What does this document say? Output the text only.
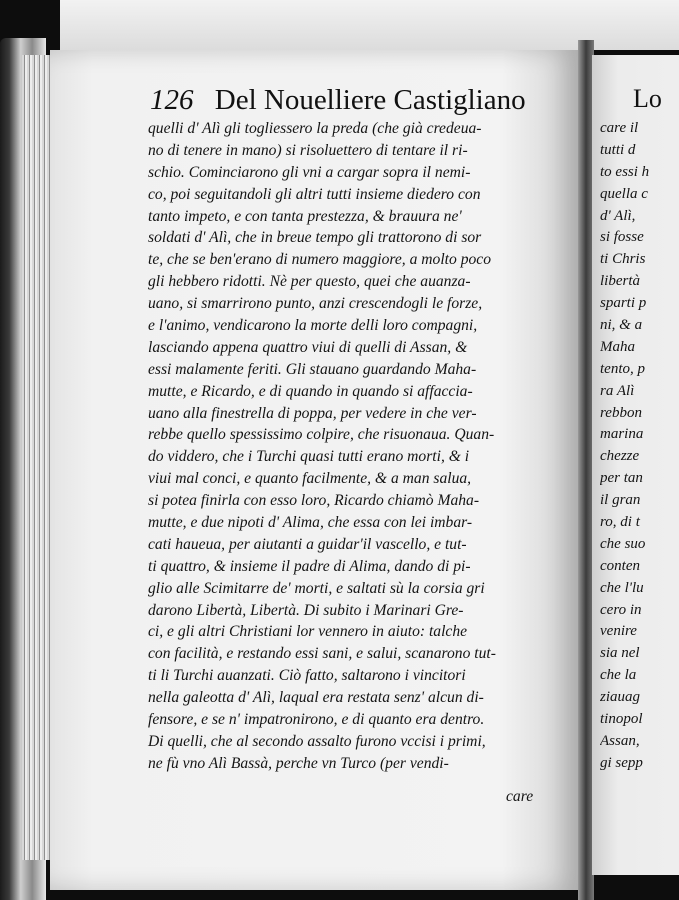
126 Del Nouelliere Castigliano
quelli d' Alì gli togliessero la preda (che già credeua-
no di tenere in mano) si risoluettero di tentare il ri-
schio. Cominciarono gli vni a cargar sopra il nemi-
co, poi seguitandoli gli altri tutti insieme diedero con
tanto impeto, e con tanta prestezza, & brauura ne'
soldati d' Alì, che in breue tempo gli trattorono di sor
te, che se ben'erano di numero maggiore, a molto poco
gli hebbero ridotti. Nè per questo, quei che auanza-
uano, si smarrirono punto, anzi crescendogli le forze,
e l'animo, vendicarono la morte delli loro compagni,
lasciando appena quattro viui di quelli di Assan, &
essi malamente feriti. Gli stauano guardando Maha-
mutte, e Ricardo, e di quando in quando si affaccia-
uano alla finestrella di poppa, per vedere in che ver-
rebbe quello spessissimo colpire, che risuonaua. Quan-
do viddero, che i Turchi quasi tutti erano morti, & i
viui mal conci, e quanto facilmente, & a man salua,
si potea finirla con esso loro, Ricardo chiamò Maha-
mutte, e due nipoti d' Alima, che essa con lei imbar-
cati haueua, per aiutanti a guidar'il vascello, e tut-
ti quattro, & insieme il padre di Alima, dando di pi-
glio alle Scimitarre de' morti, e saltati sù la corsia gri
darono Libertà, Libertà. Di subito i Marinari Gre-
ci, e gli altri Christiani lor vennero in aiuto: talche
con facilità, e restando essi sani, e salui, scanarono tut-
ti li Turchi auanzati. Ciò fatto, saltarono i vincitori
nella galeotta d' Alì, laqual era restata senz' alcun di-
fensore, e se n' impatronirono, e di quanto era dentro.
Di quelli, che al secondo assalto furono vccisi i primi,
ne fù vno Alì Bassà, perche vn Turco (per vendi-
care
Lo
care il
tutti d
to essi h
quella c
d' Alì,
si fosse
ti Chris
libertà
sparti p
ni, & a
Maha
tento, p
ra Alì
rebbon
marina
chezze
per tan
il gran
ro, di t
che suo
conten
che l'lu
cero in
venire
sia nel
che la
ziauag
tinopol
Assan,
gi sepp
